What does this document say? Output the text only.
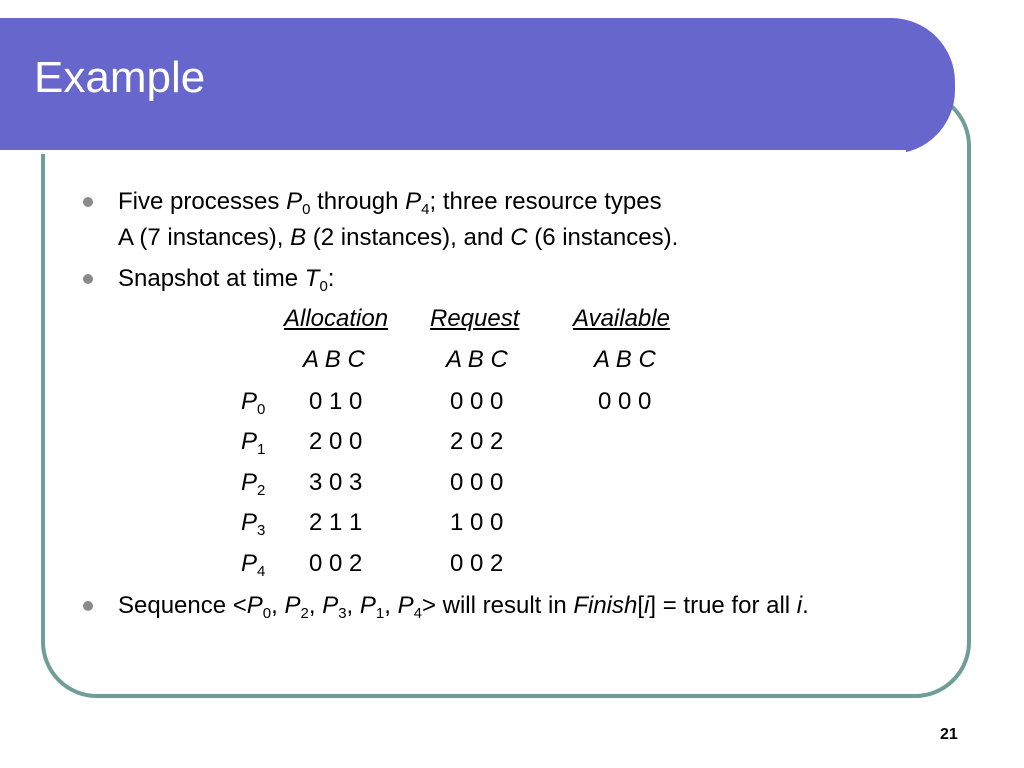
Example
Five processes $P_0$ through $P_4$; three resource types
A (7 instances), B (2 instances), and C (6 instances).
Snapshot at time $T_0$:
Allocation Request Available
A B C	A B C	A B C
$P_0$ 0 1 0	0 0 0	0 0 0
$P_1$ 2 0 0	2 0 2
$P_2$ 3 0 3	0 0 0
$P_3$ 2 1 1	1 0 0
$P_4$ 0 0 2	0 0 2
Sequence $<P_0$, $P_2$, $P_3$, $P_1$, $P_4>$ will result in Finish[i] = true for all i.
21
